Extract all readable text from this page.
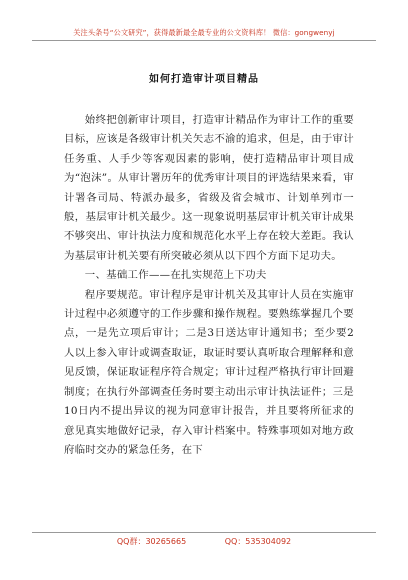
关注头条号“公文研究”，获得最新最全最专业的公文资料库！ 微信：gongwenyj
如何打造审计项目精品

始终把创新审计项目，打造审计精品作为审计工作的重要目标，应该是各级审计机关矢志不渝的追求，但是，由于审计任务重、人手少等客观因素的影响，使打造精品审计项目成为“泡沫”。从审计署历年的优秀审计项目的评选结果来看，审计署各司局、特派办最多，省级及省会城市、计划单列市一般，基层审计机关最少。这一现象说明基层审计机关审计成果不够突出、审计执法力度和规范化水平上存在较大差距。我认为基层审计机关要有所突破必须从以下四个方面下足功夫。

一、基础工作——在扎实规范上下功夫

程序要规范。审计程序是审计机关及其审计人员在实施审计过程中必须遵守的工作步骤和操作规程。要熟练掌握几个要点，一是先立项后审计；二是3日送达审计通知书；至少要2人以上参入审计或调查取证，取证时要认真听取合理解释和意见反馈，保证取证程序符合规定；审计过程严格执行审计回避制度；在执行外部调查任务时要主动出示审计执法证件；三是10日内不提出异议的视为同意审计报告，并且要将所征求的意见真实地做好记录，存入审计档案中。特殊事项如对地方政府临时交办的紧急任务，在下

QQ群：30265665	QQ：535304092
